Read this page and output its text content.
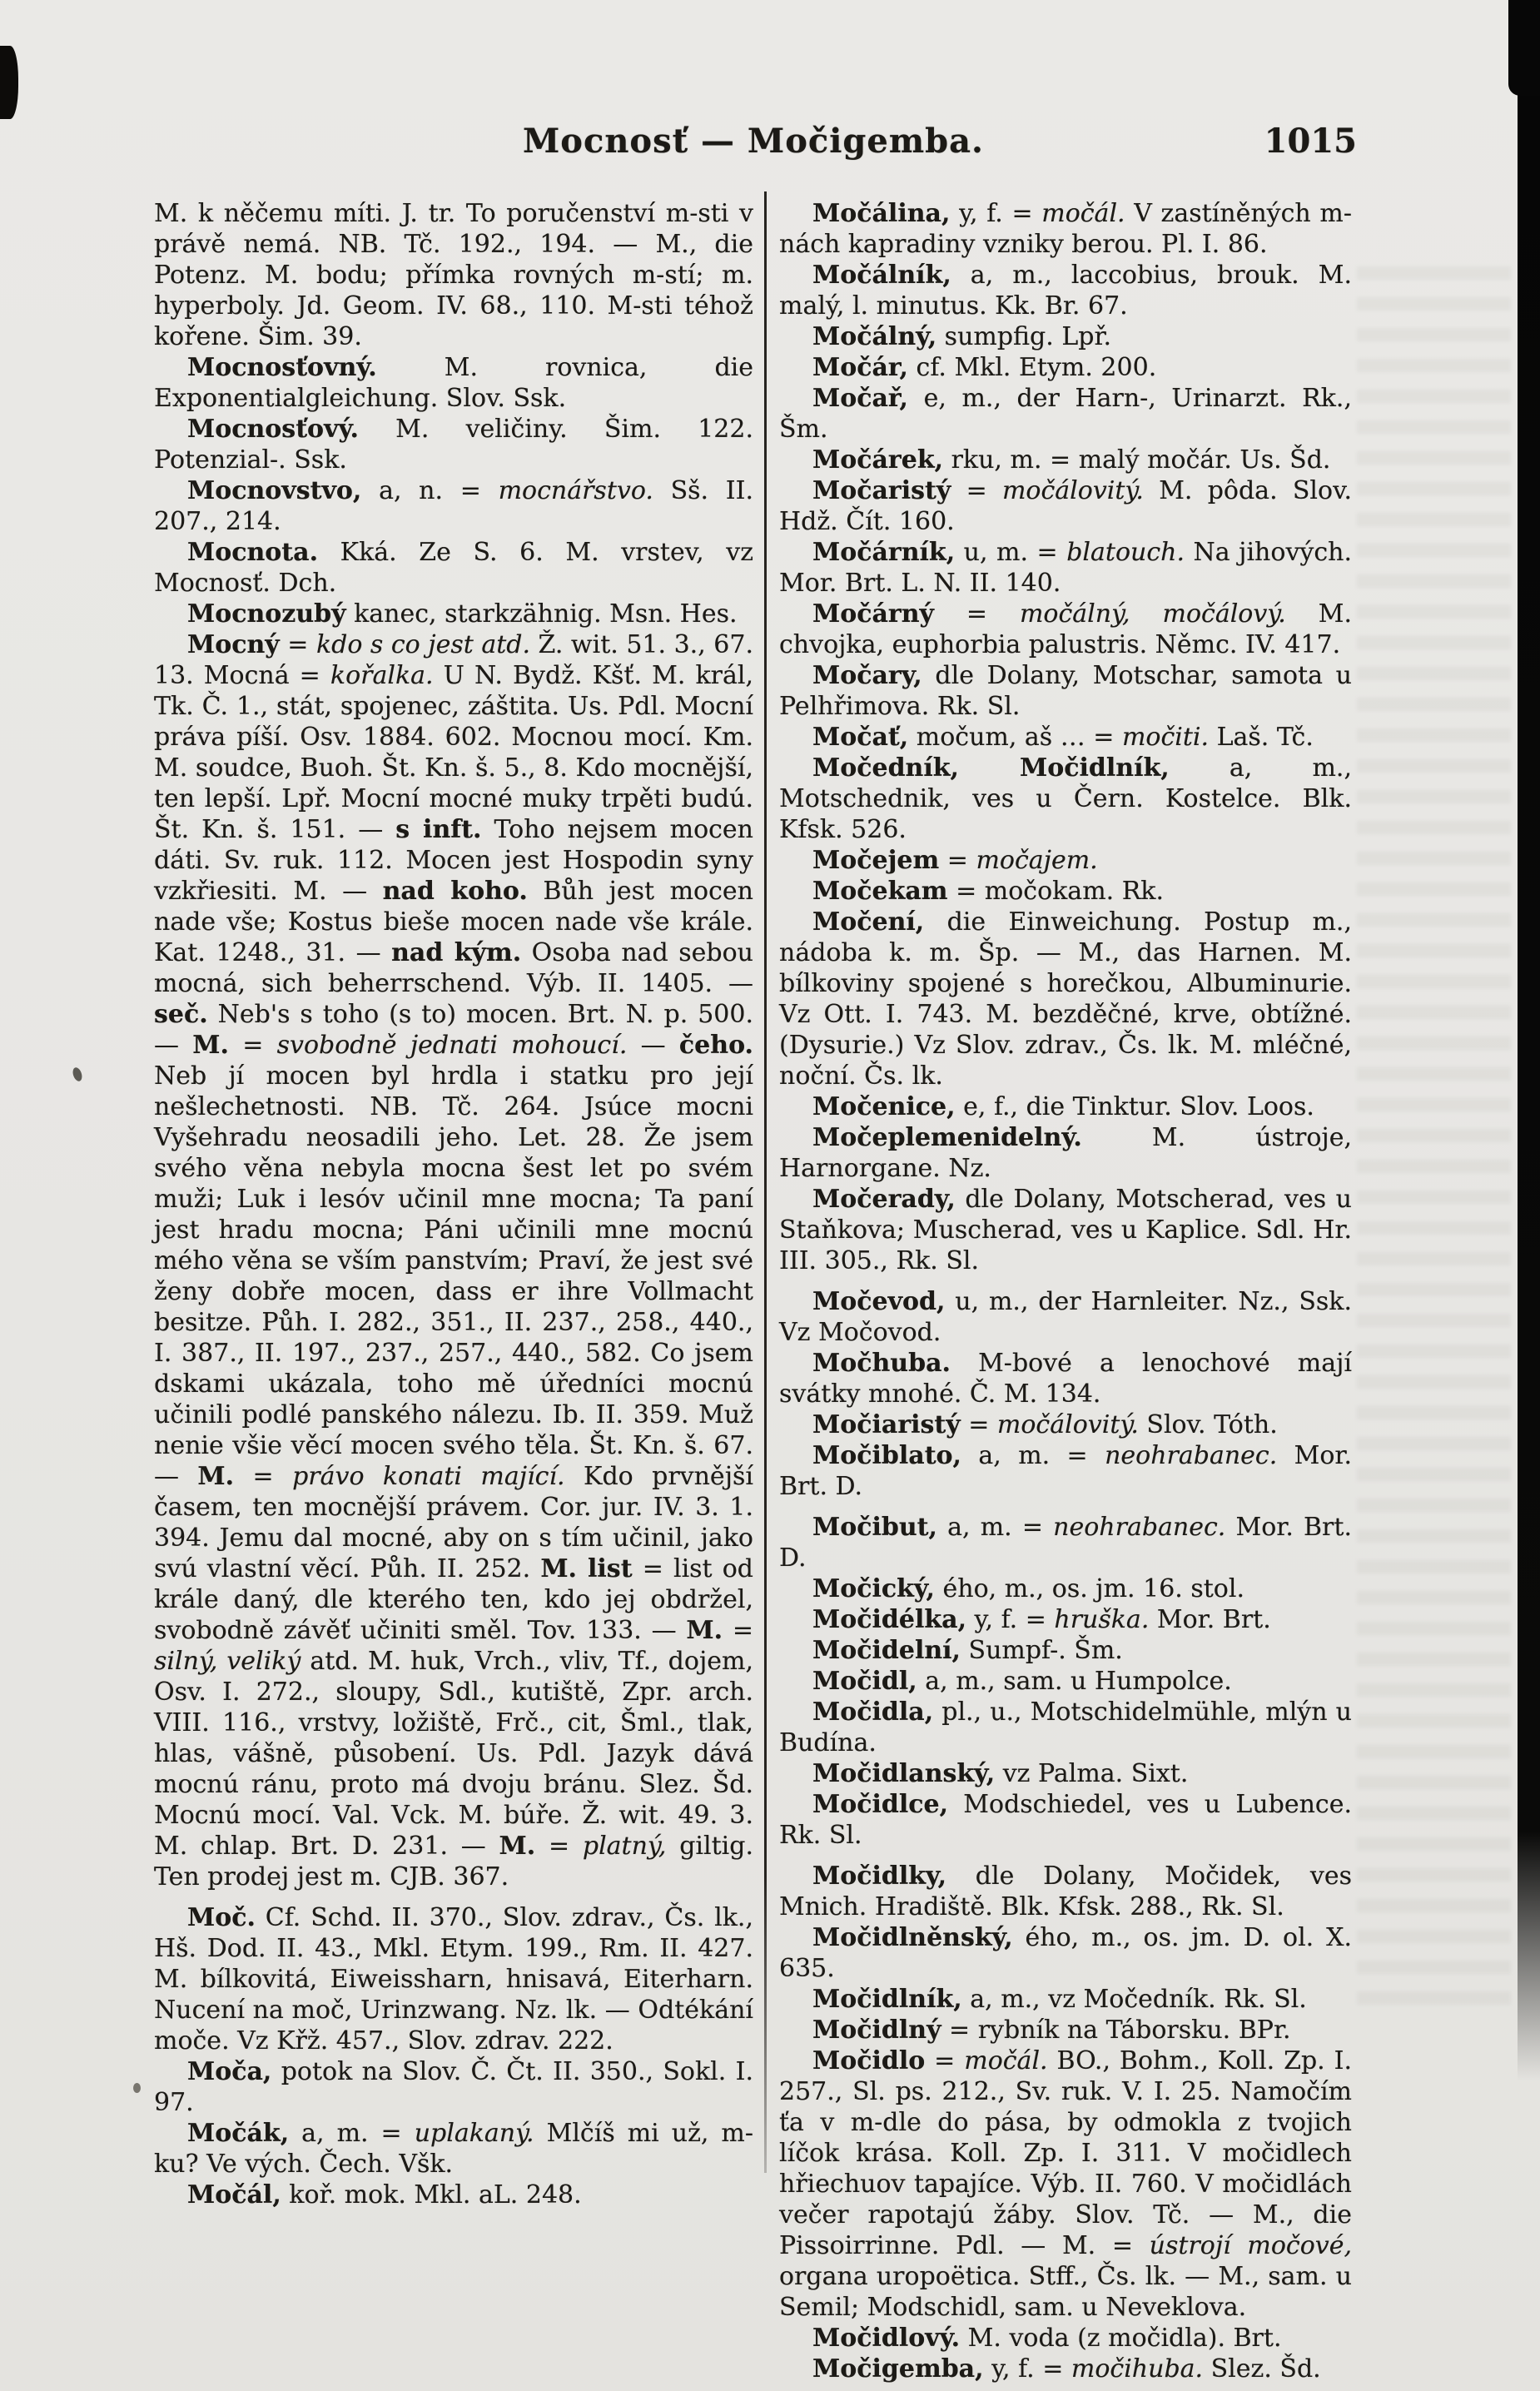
Mocnosť — Močigemba.	1015

M. k něčemu míti. J. tr. To poručenství m-sti v právě nemá. NB. Tč. 192., 194. — M., die Potenz. M. bodu; přímka rovných m-stí; m. hyperboly. Jd. Geom. IV. 68., 110. M-sti téhož kořene. Šim. 39.

Mocnosťovný. M. rovnica, die Exponentialgleichung. Slov. Ssk.

Mocnosťový. M. veličiny. Šim. 122. Potenzial-. Ssk.

Mocnovstvo, a, n. = mocnářstvo. Sš. II. 207., 214.

Mocnota. Kká. Ze S. 6. M. vrstev, vz Mocnosť. Dch.

Mocnozubý kanec, starkzähnig. Msn. Hes.

Mocný = kdo s co jest atd. Ž. wit. 51. 3., 67. 13. Mocná = kořalka. U N. Bydž. Kšť. M. král, Tk. Č. 1., stát, spojenec, záštita. Us. Pdl. Mocní práva píší. Osv. 1884. 602. Mocnou mocí. Km. M. soudce, Buoh. Št. Kn. š. 5., 8. Kdo mocnější, ten lepší. Lpř. Mocní mocné muky trpěti budú. Št. Kn. š. 151. — s inft. Toho nejsem mocen dáti. Sv. ruk. 112. Mocen jest Hospodin syny vzkřiesiti. M. — nad koho. Bůh jest mocen nade vše; Kostus bieše mocen nade vše krále. Kat. 1248., 31. — nad kým. Osoba nad sebou mocná, sich beherrschend. Výb. II. 1405. — seč. Neb's s toho (s to) mocen. Brt. N. p. 500. — M. = svobodně jednati mohoucí. — čeho. Neb jí mocen byl hrdla i statku pro její nešlechetnosti. NB. Tč. 264. Jsúce mocni Vyšehradu neosadili jeho. Let. 28. Že jsem svého věna nebyla mocna šest let po svém muži; Luk i lesóv učinil mne mocna; Ta paní jest hradu mocna; Páni učinili mne mocnú mého věna se vším panstvím; Praví, že jest své ženy dobře mocen, dass er ihre Vollmacht besitze. Půh. I. 282., 351., II. 237., 258., 440., I. 387., II. 197., 237., 257., 440., 582. Co jsem dskami ukázala, toho mě úředníci mocnú učinili podlé panského nálezu. Ib. II. 359. Muž nenie všie věcí mocen svého těla. Št. Kn. š. 67. — M. = právo konati mající. Kdo prvnější časem, ten mocnější právem. Cor. jur. IV. 3. 1. 394. Jemu dal mocné, aby on s tím učinil, jako svú vlastní věcí. Půh. II. 252. M. list = list od krále daný, dle kterého ten, kdo jej obdržel, svobodně závěť učiniti směl. Tov. 133. — M. = silný, veliký atd. M. huk, Vrch., vliv, Tf., dojem, Osv. I. 272., sloupy, Sdl., kutiště, Zpr. arch. VIII. 116., vrstvy, ložiště, Frč., cit, Šml., tlak, hlas, vášně, působení. Us. Pdl. Jazyk dává mocnú ránu, proto má dvoju bránu. Slez. Šd. Mocnú mocí. Val. Vck. M. búře. Ž. wit. 49. 3. M. chlap. Brt. D. 231. — M. = platný, giltig. Ten prodej jest m. CJB. 367.

Moč. Cf. Schd. II. 370., Slov. zdrav., Čs. lk., Hš. Dod. II. 43., Mkl. Etym. 199., Rm. II. 427. M. bílkovitá, Eiweissharn, hnisavá, Eiterharn. Nucení na moč, Urinzwang. Nz. lk. — Odtékání moče. Vz Křž. 457., Slov. zdrav. 222.

Moča, potok na Slov. Č. Čt. II. 350., Sokl. I. 97.

Močák, a, m. = uplakaný. Mlčíš mi už, m-ku? Ve vých. Čech. Všk.

Močál, koř. mok. Mkl. aL. 248.

Močálina, y, f. = močál. V zastíněných m-nách kapradiny vzniky berou. Pl. I. 86.

Močálník, a, m., laccobius, brouk. M. malý, l. minutus. Kk. Br. 67.

Močálný, sumpfig. Lpř.

Močár, cf. Mkl. Etym. 200.

Močař, e, m., der Harn-, Urinarzt. Rk., Šm.

Močárek, rku, m. = malý močár. Us. Šd.

Močaristý = močálovitý. M. pôda. Slov. Hdž. Čít. 160.

Močárník, u, m. = blatouch. Na jihových. Mor. Brt. L. N. II. 140.

Močárný = močálný, močálový. M. chvojka, euphorbia palustris. Němc. IV. 417.

Močary, dle Dolany, Motschar, samota u Pelhřimova. Rk. Sl.

Močať, močum, aš … = močiti. Laš. Tč.

Močedník, Močidlník, a, m., Motschednik, ves u Čern. Kostelce. Blk. Kfsk. 526.

Močejem = močajem.

Močekam = močokam. Rk.

Močení, die Einweichung. Postup m., nádoba k. m. Šp. — M., das Harnen. M. bílkoviny spojené s horečkou, Albuminurie. Vz Ott. I. 743. M. bezděčné, krve, obtížné. (Dysurie.) Vz Slov. zdrav., Čs. lk. M. mléčné, noční. Čs. lk.

Močenice, e, f., die Tinktur. Slov. Loos.

Močeplemenidelný. M. ústroje, Harnorgane. Nz.

Močerady, dle Dolany, Motscherad, ves u Staňkova; Muscherad, ves u Kaplice. Sdl. Hr. III. 305., Rk. Sl.

Močevod, u, m., der Harnleiter. Nz., Ssk. Vz Močovod.

Močhuba. M-bové a lenochové mají svátky mnohé. Č. M. 134.

Močiaristý = močálovitý. Slov. Tóth.

Močiblato, a, m. = neohrabanec. Mor. Brt. D.

Močibut, a, m. = neohrabanec. Mor. Brt. D.

Močický, ého, m., os. jm. 16. stol.

Močidélka, y, f. = hruška. Mor. Brt.

Močidelní, Sumpf-. Šm.

Močidl, a, m., sam. u Humpolce.

Močidla, pl., u., Motschidelmühle, mlýn u Budína.

Močidlanský, vz Palma. Sixt.

Močidlce, Modschiedel, ves u Lubence. Rk. Sl.

Močidlky, dle Dolany, Močidek, ves Mnich. Hradiště. Blk. Kfsk. 288., Rk. Sl.

Močidlněnský, ého, m., os. jm. D. ol. X. 635.

Močidlník, a, m., vz Močedník. Rk. Sl.

Močidlný = rybník na Táborsku. BPr.

Močidlo = močál. BO., Bohm., Koll. Zp. I. 257., Sl. ps. 212., Sv. ruk. V. I. 25. Namočím ťa v m-dle do pása, by odmokla z tvojich líčok krása. Koll. Zp. I. 311. V močidlech hřiechuov tapajíce. Výb. II. 760. V močidlách večer rapotajú žáby. Slov. Tč. — M., die Pissoirrinne. Pdl. — M. = ústrojí močové, organa uropoëtica. Stff., Čs. lk. — M., sam. u Semil; Modschidl, sam. u Neveklova.

Močidlový. M. voda (z močidla). Brt.

Močigemba, y, f. = močihuba. Slez. Šd.
